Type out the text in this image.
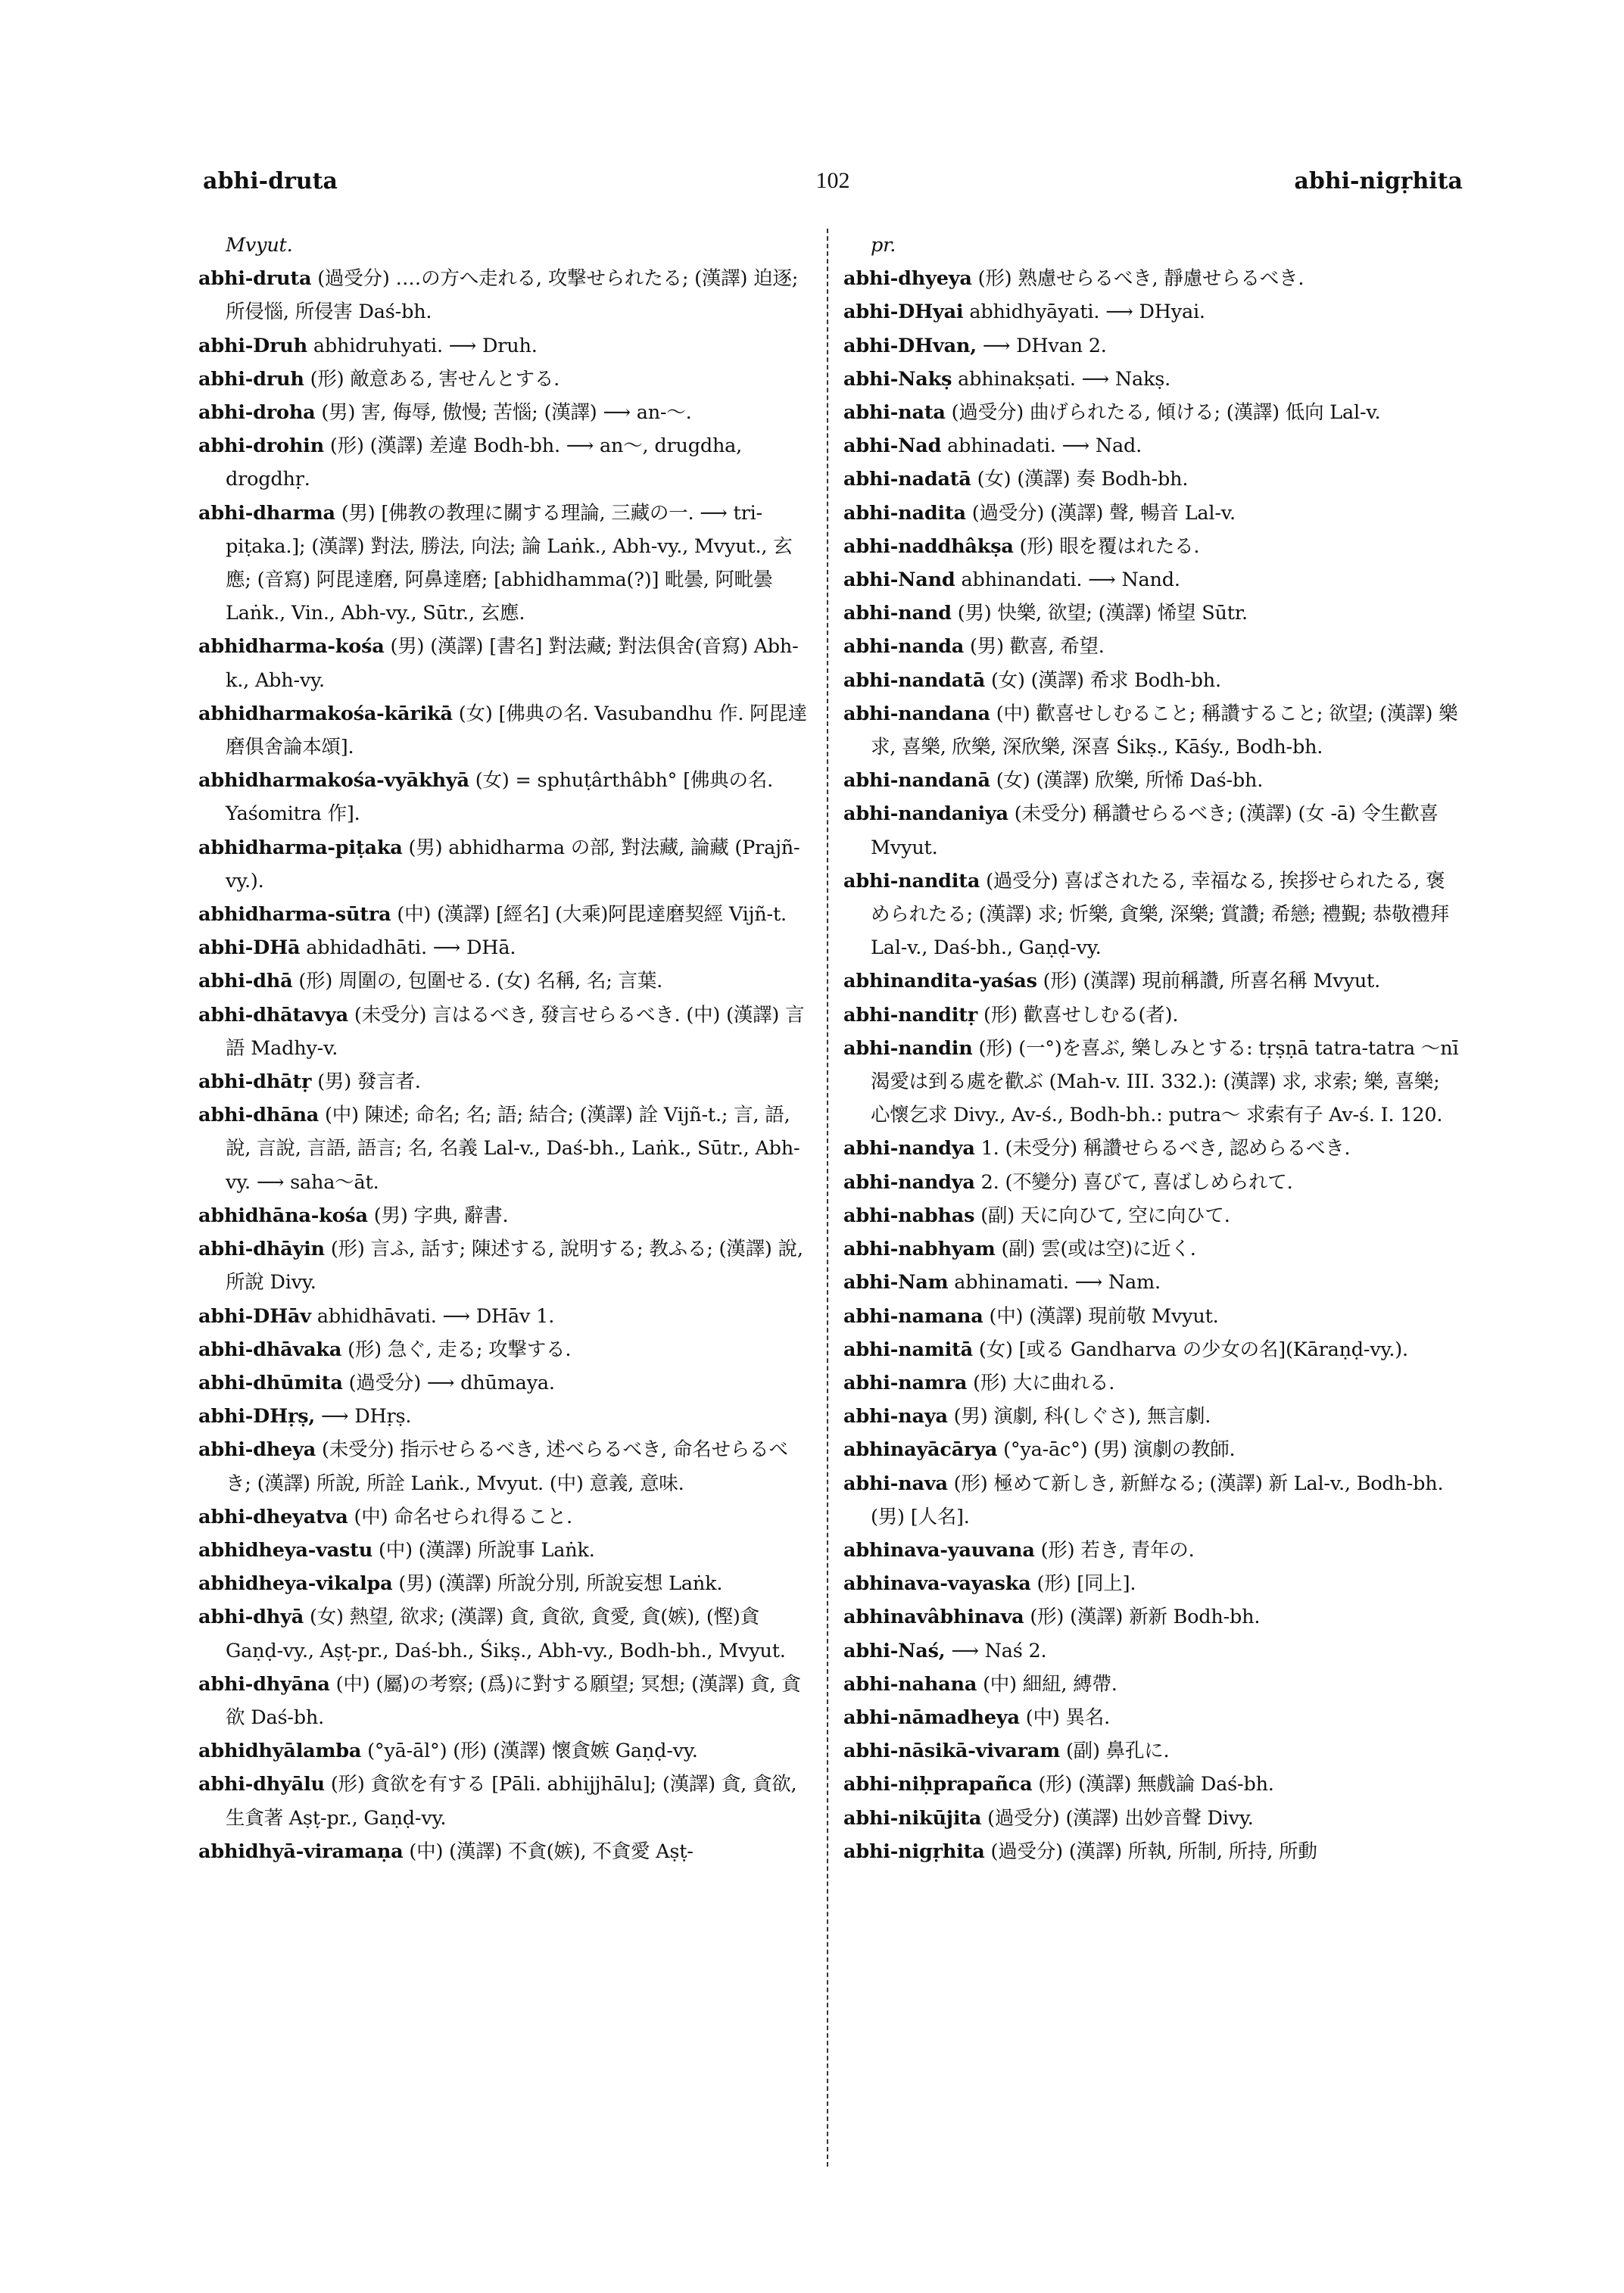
abhi-druta	102	abhi-nigṛhita

Mvyut.

abhi-druta (過受分) ‥‥の方へ走れる, 攻撃せられたる; (漢譯) 迫逐; 所侵惱, 所侵害 Daś-bh.

abhi-Druh abhidruhyati. ⟶ Druh.

abhi-druh (形) 敵意ある, 害せんとする.

abhi-droha (男) 害, 侮辱, 傲慢; 苦惱; (漢譯) ⟶ an-～.

abhi-drohin (形) (漢譯) 差違 Bodh-bh. ⟶ an～, drugdha, drogdhṛ.

abhi-dharma (男) [佛教の教理に關する理論, 三藏の一. ⟶ tri-piṭaka.]; (漢譯) 對法, 勝法, 向法; 論 Laṅk., Abh-vy., Mvyut., 玄應; (音寫) 阿毘達磨, 阿鼻達磨; [abhidhamma(?)] 毗曇, 阿毗曇 Laṅk., Vin., Abh-vy., Sūtr., 玄應.

abhidharma-kośa (男) (漢譯) [書名] 對法藏; 對法俱舍(音寫) Abh-k., Abh-vy.

abhidharmakośa-kārikā (女) [佛典の名. Vasubandhu 作. 阿毘達磨俱舍論本頌].

abhidharmakośa-vyākhyā (女) = sphuṭârthâbh° [佛典の名. Yaśomitra 作].

abhidharma-piṭaka (男) abhidharma の部, 對法藏, 論藏 (Prajñ-vy.).

abhidharma-sūtra (中) (漢譯) [經名] (大乘)阿毘達磨契經 Vijñ-t.

abhi-DHā abhidadhāti. ⟶ DHā.

abhi-dhā (形) 周圍の, 包圍せる. (女) 名稱, 名; 言葉.

abhi-dhātavya (未受分) 言はるべき, 發言せらるべき. (中) (漢譯) 言語 Madhy-v.

abhi-dhātṛ (男) 發言者.

abhi-dhāna (中) 陳述; 命名; 名; 語; 結合; (漢譯) 詮 Vijñ-t.; 言, 語, 說, 言說, 言語, 語言; 名, 名義 Lal-v., Daś-bh., Laṅk., Sūtr., Abh-vy. ⟶ saha～āt.

abhidhāna-kośa (男) 字典, 辭書.

abhi-dhāyin (形) 言ふ, 話す; 陳述する, 說明する; 教ふる; (漢譯) 說, 所說 Divy.

abhi-DHāv abhidhāvati. ⟶ DHāv 1.

abhi-dhāvaka (形) 急ぐ, 走る; 攻撃する.

abhi-dhūmita (過受分) ⟶ dhūmaya.

abhi-DHṛṣ, ⟶ DHṛṣ.

abhi-dheya (未受分) 指示せらるべき, 述べらるべき, 命名せらるべき; (漢譯) 所說, 所詮 Laṅk., Mvyut. (中) 意義, 意味.

abhi-dheyatva (中) 命名せられ得ること.

abhidheya-vastu (中) (漢譯) 所說事 Laṅk.

abhidheya-vikalpa (男) (漢譯) 所說分別, 所說妄想 Laṅk.

abhi-dhyā (女) 熱望, 欲求; (漢譯) 貪, 貪欲, 貪愛, 貪(嫉), (慳)貪 Gaṇḍ-vy., Aṣṭ-pr., Daś-bh., Śikṣ., Abh-vy., Bodh-bh., Mvyut.

abhi-dhyāna (中) (屬)の考察; (爲)に對する願望; 冥想; (漢譯) 貪, 貪欲 Daś-bh.

abhidhyālamba (°yā-āl°) (形) (漢譯) 懷貪嫉 Gaṇḍ-vy.

abhi-dhyālu (形) 貪欲を有する [Pāli. abhijjhālu]; (漢譯) 貪, 貪欲, 生貪著 Aṣṭ-pr., Gaṇḍ-vy.

abhidhyā-viramaṇa (中) (漢譯) 不貪(嫉), 不貪愛 Aṣṭ-

pr.

abhi-dhyeya (形) 熟慮せらるべき, 靜慮せらるべき.

abhi-DHyai abhidhyāyati. ⟶ DHyai.

abhi-DHvan, ⟶ DHvan 2.

abhi-Nakṣ abhinakṣati. ⟶ Nakṣ.

abhi-nata (過受分) 曲げられたる, 傾ける; (漢譯) 低向 Lal-v.

abhi-Nad abhinadati. ⟶ Nad.

abhi-nadatā (女) (漢譯) 奏 Bodh-bh.

abhi-nadita (過受分) (漢譯) 聲, 暢音 Lal-v.

abhi-naddhâkṣa (形) 眼を覆はれたる.

abhi-Nand abhinandati. ⟶ Nand.

abhi-nand (男) 快樂, 欲望; (漢譯) 悕望 Sūtr.

abhi-nanda (男) 歡喜, 希望.

abhi-nandatā (女) (漢譯) 希求 Bodh-bh.

abhi-nandana (中) 歡喜せしむること; 稱讚すること; 欲望; (漢譯) 樂求, 喜樂, 欣樂, 深欣樂, 深喜 Śikṣ., Kāśy., Bodh-bh.

abhi-nandanā (女) (漢譯) 欣樂, 所悕 Daś-bh.

abhi-nandaniya (未受分) 稱讚せらるべき; (漢譯) (女 -ā) 令生歡喜 Mvyut.

abhi-nandita (過受分) 喜ばされたる, 幸福なる, 挨拶せられたる, 褒められたる; (漢譯) 求; 忻樂, 貪樂, 深樂; 賞讚; 希戀; 禮覲; 恭敬禮拜 Lal-v., Daś-bh., Gaṇḍ-vy.

abhinandita-yaśas (形) (漢譯) 現前稱讚, 所喜名稱 Mvyut.

abhi-nanditṛ (形) 歡喜せしむる(者).

abhi-nandin (形) (一°)を喜ぶ, 樂しみとする: tṛṣṇā tatra-tatra ～nī 渴愛は到る處を歡ぶ (Mah-v. III. 332.): (漢譯) 求, 求索; 樂, 喜樂; 心懷乞求 Divy., Av-ś., Bodh-bh.: putra～ 求索有子 Av-ś. I. 120.

abhi-nandya 1. (未受分) 稱讚せらるべき, 認めらるべき.

abhi-nandya 2. (不變分) 喜びて, 喜ばしめられて.

abhi-nabhas (副) 天に向ひて, 空に向ひて.

abhi-nabhyam (副) 雲(或は空)に近く.

abhi-Nam abhinamati. ⟶ Nam.

abhi-namana (中) (漢譯) 現前敬 Mvyut.

abhi-namitā (女) [或る Gandharva の少女の名](Kāraṇḍ-vy.).

abhi-namra (形) 大に曲れる.

abhi-naya (男) 演劇, 科(しぐさ), 無言劇.

abhinayācārya (°ya-āc°) (男) 演劇の教師.

abhi-nava (形) 極めて新しき, 新鮮なる; (漢譯) 新 Lal-v., Bodh-bh. (男) [人名].

abhinava-yauvana (形) 若き, 青年の.

abhinava-vayaska (形) [同上].

abhinavâbhinava (形) (漢譯) 新新 Bodh-bh.

abhi-Naś, ⟶ Naś 2.

abhi-nahana (中) 細紐, 縛帶.

abhi-nāmadheya (中) 異名.

abhi-nāsikā-vivaram (副) 鼻孔に.

abhi-niḥprapañca (形) (漢譯) 無戲論 Daś-bh.

abhi-nikūjita (過受分) (漢譯) 出妙音聲 Divy.

abhi-nigṛhita (過受分) (漢譯) 所執, 所制, 所持, 所動
